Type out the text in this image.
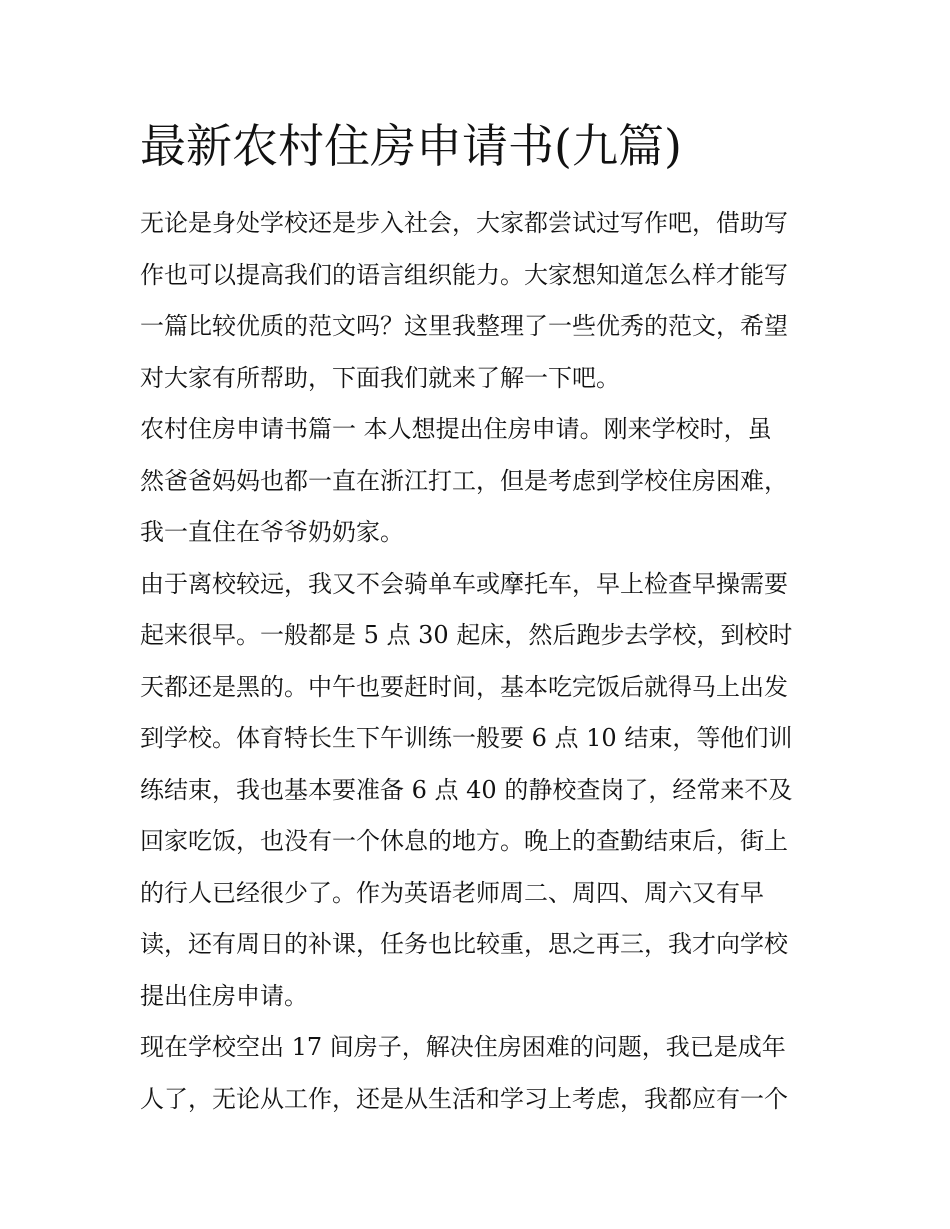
最新农村住房申请书(九篇)
无论是身处学校还是步入社会，大家都尝试过写作吧，借助写
作也可以提高我们的语言组织能力。大家想知道怎么样才能写
一篇比较优质的范文吗？这里我整理了一些优秀的范文，希望
对大家有所帮助，下面我们就来了解一下吧。
农村住房申请书篇一 本人想提出住房申请。刚来学校时，虽
然爸爸妈妈也都一直在浙江打工，但是考虑到学校住房困难，
我一直住在爷爷奶奶家。
由于离校较远，我又不会骑单车或摩托车，早上检查早操需要
起来很早。一般都是 5 点 30 起床，然后跑步去学校，到校时
天都还是黑的。中午也要赶时间，基本吃完饭后就得马上出发
到学校。体育特长生下午训练一般要 6 点 10 结束，等他们训
练结束，我也基本要准备 6 点 40 的静校查岗了，经常来不及
回家吃饭，也没有一个休息的地方。晚上的查勤结束后，街上
的行人已经很少了。作为英语老师周二、周四、周六又有早
读，还有周日的补课，任务也比较重，思之再三，我才向学校
提出住房申请。
现在学校空出 17 间房子，解决住房困难的问题，我已是成年
人了，无论从工作，还是从生活和学习上考虑，我都应有一个
